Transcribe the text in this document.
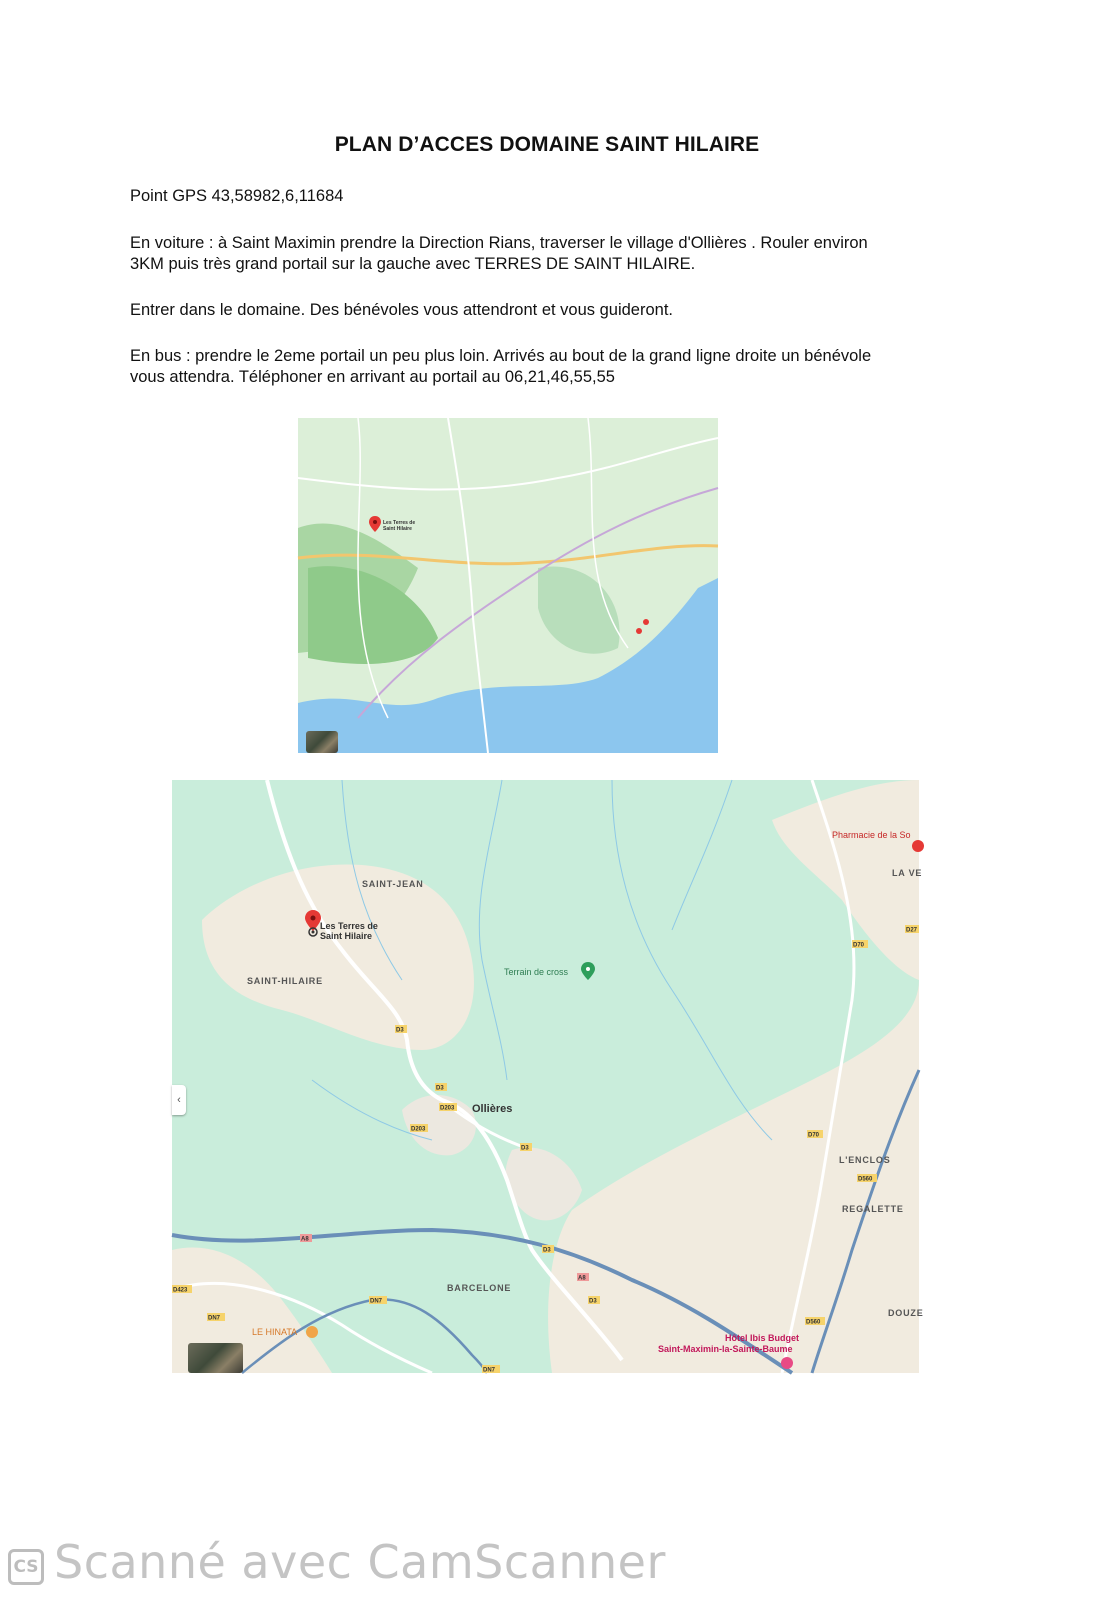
PLAN D’ACCES DOMAINE SAINT HILAIRE
Point GPS 43,58982,6,11684
En voiture : à Saint Maximin prendre la Direction Rians, traverser le village d'Ollières . Rouler environ
3KM puis très grand portail sur la gauche avec TERRES DE SAINT HILAIRE.
Entrer dans le domaine. Des bénévoles vous attendront et vous guideront.
En bus : prendre le 2eme portail un peu plus loin. Arrivés au bout de la grand ligne droite un bénévole
vous attendra. Téléphoner en arrivant au portail au 06,21,46,55,55
Les Terres de
Saint Hilaire
D3
D3
D203
D203
D3
D3
D3
A8
A8
D70
D70
D560
D560
DN7
DN7
DN7
D423
D27
SAINT-JEAN
SAINT-HILAIRE
BARCELONE
L'ENCLOS
REGALETTE
DOUZE
LA VE
Ollières
Les Terres de
Saint Hilaire
Terrain de cross
Pharmacie de la So
LE HINATA
Hôtel Ibis Budget
Saint-Maximin-la-Sainte-Baume
‹
CS Scanné avec CamScanner
